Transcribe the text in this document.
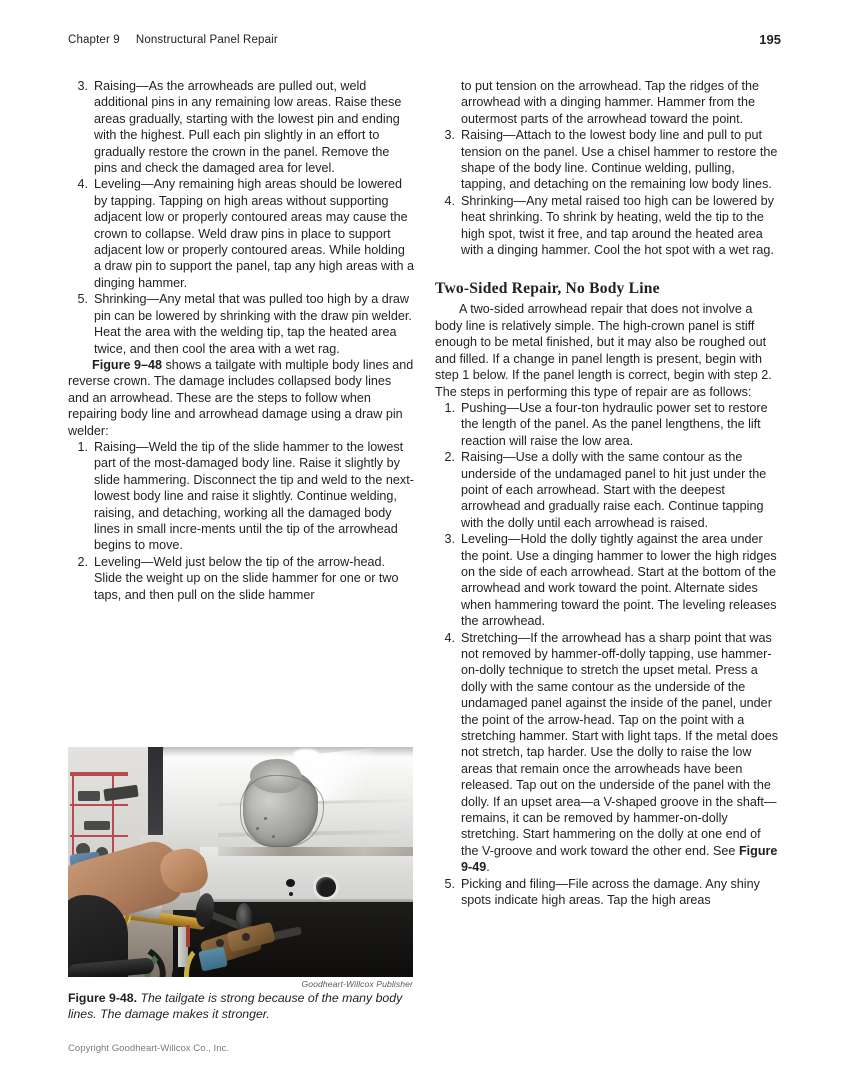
Chapter 9 Nonstructural Panel Repair	195
3. Raising—As the arrowheads are pulled out, weld additional pins in any remaining low areas. Raise these areas gradually, starting with the lowest pin and ending with the highest. Pull each pin slightly in an effort to gradually restore the crown in the panel. Remove the pins and check the damaged area for level.
4. Leveling—Any remaining high areas should be lowered by tapping. Tapping on high areas without supporting adjacent low or properly contoured areas may cause the crown to collapse. Weld draw pins in place to support adjacent low or properly contoured areas. While holding a draw pin to support the panel, tap any high areas with a dinging hammer.
5. Shrinking—Any metal that was pulled too high by a draw pin can be lowered by shrinking with the draw pin welder. Heat the area with the welding tip, tap the heated area twice, and then cool the area with a wet rag.

Figure 9–48 shows a tailgate with multiple body lines and reverse crown. The damage includes collapsed body lines and an arrowhead. These are the steps to follow when repairing body line and arrowhead damage using a draw pin welder:

1. Raising—Weld the tip of the slide hammer to the lowest part of the most-damaged body line. Raise it slightly by slide hammering. Disconnect the tip and weld to the next-lowest body line and raise it slightly. Continue welding, raising, and detaching, working all the damaged body lines in small incre-ments until the tip of the arrowhead begins to move.
2. Leveling—Weld just below the tip of the arrow-head. Slide the weight up on the slide hammer for one or two taps, and then pull on the slide hammer

to put tension on the arrowhead. Tap the ridges of the arrowhead with a dinging hammer. Hammer from the outermost parts of the arrowhead toward the point.

3. Raising—Attach to the lowest body line and pull to put tension on the panel. Use a chisel hammer to restore the shape of the body line. Continue welding, pulling, tapping, and detaching on the remaining low body lines.
4. Shrinking—Any metal raised too high can be lowered by heat shrinking. To shrink by heating, weld the tip to the high spot, twist it free, and tap around the heated area with a dinging hammer. Cool the hot spot with a wet rag.
Two-Sided Repair, No Body Line

A two-sided arrowhead repair that does not involve a body line is relatively simple. The high-crown panel is stiff enough to be metal finished, but it may also be roughed out and filled. If a change in panel length is present, begin with step 1 below. If the panel length is correct, begin with step 2. The steps in performing this type of repair are as follows:

1. Pushing—Use a four-ton hydraulic power set to restore the length of the panel. As the panel lengthens, the lift reaction will raise the low area.
2. Raising—Use a dolly with the same contour as the underside of the undamaged panel to hit just under the point of each arrowhead. Start with the deepest arrowhead and gradually raise each. Continue tapping with the dolly until each arrowhead is raised.
3. Leveling—Hold the dolly tightly against the area under the point. Use a dinging hammer to lower the high ridges on the side of each arrowhead. Start at the bottom of the arrowhead and work toward the point. Alternate sides when hammering toward the point. The leveling releases the arrowhead.
4. Stretching—If the arrowhead has a sharp point that was not removed by hammer-off-dolly tapping, use hammer-on-dolly technique to stretch the upset metal. Press a dolly with the same contour as the underside of the undamaged panel against the inside of the panel, under the point of the arrow-head. Tap on the point with a stretching hammer. Start with light taps. If the metal does not stretch, tap harder. Use the dolly to raise the low areas that remain once the arrowheads have been released. Tap out on the underside of the panel with the dolly. If an upset area—a V-shaped groove in the shaft—remains, it can be removed by hammer-on-dolly stretching. Start hammering on the dolly at one end of the V-groove and work toward the other end. See Figure 9-49.
5. Picking and filing—File across the damage. Any shiny spots indicate high areas. Tap the high areas
Goodheart-Willcox Publisher
Figure 9-48. The tailgate is strong because of the many body lines. The damage makes it stronger.
Copyright Goodheart-Willcox Co., Inc.
